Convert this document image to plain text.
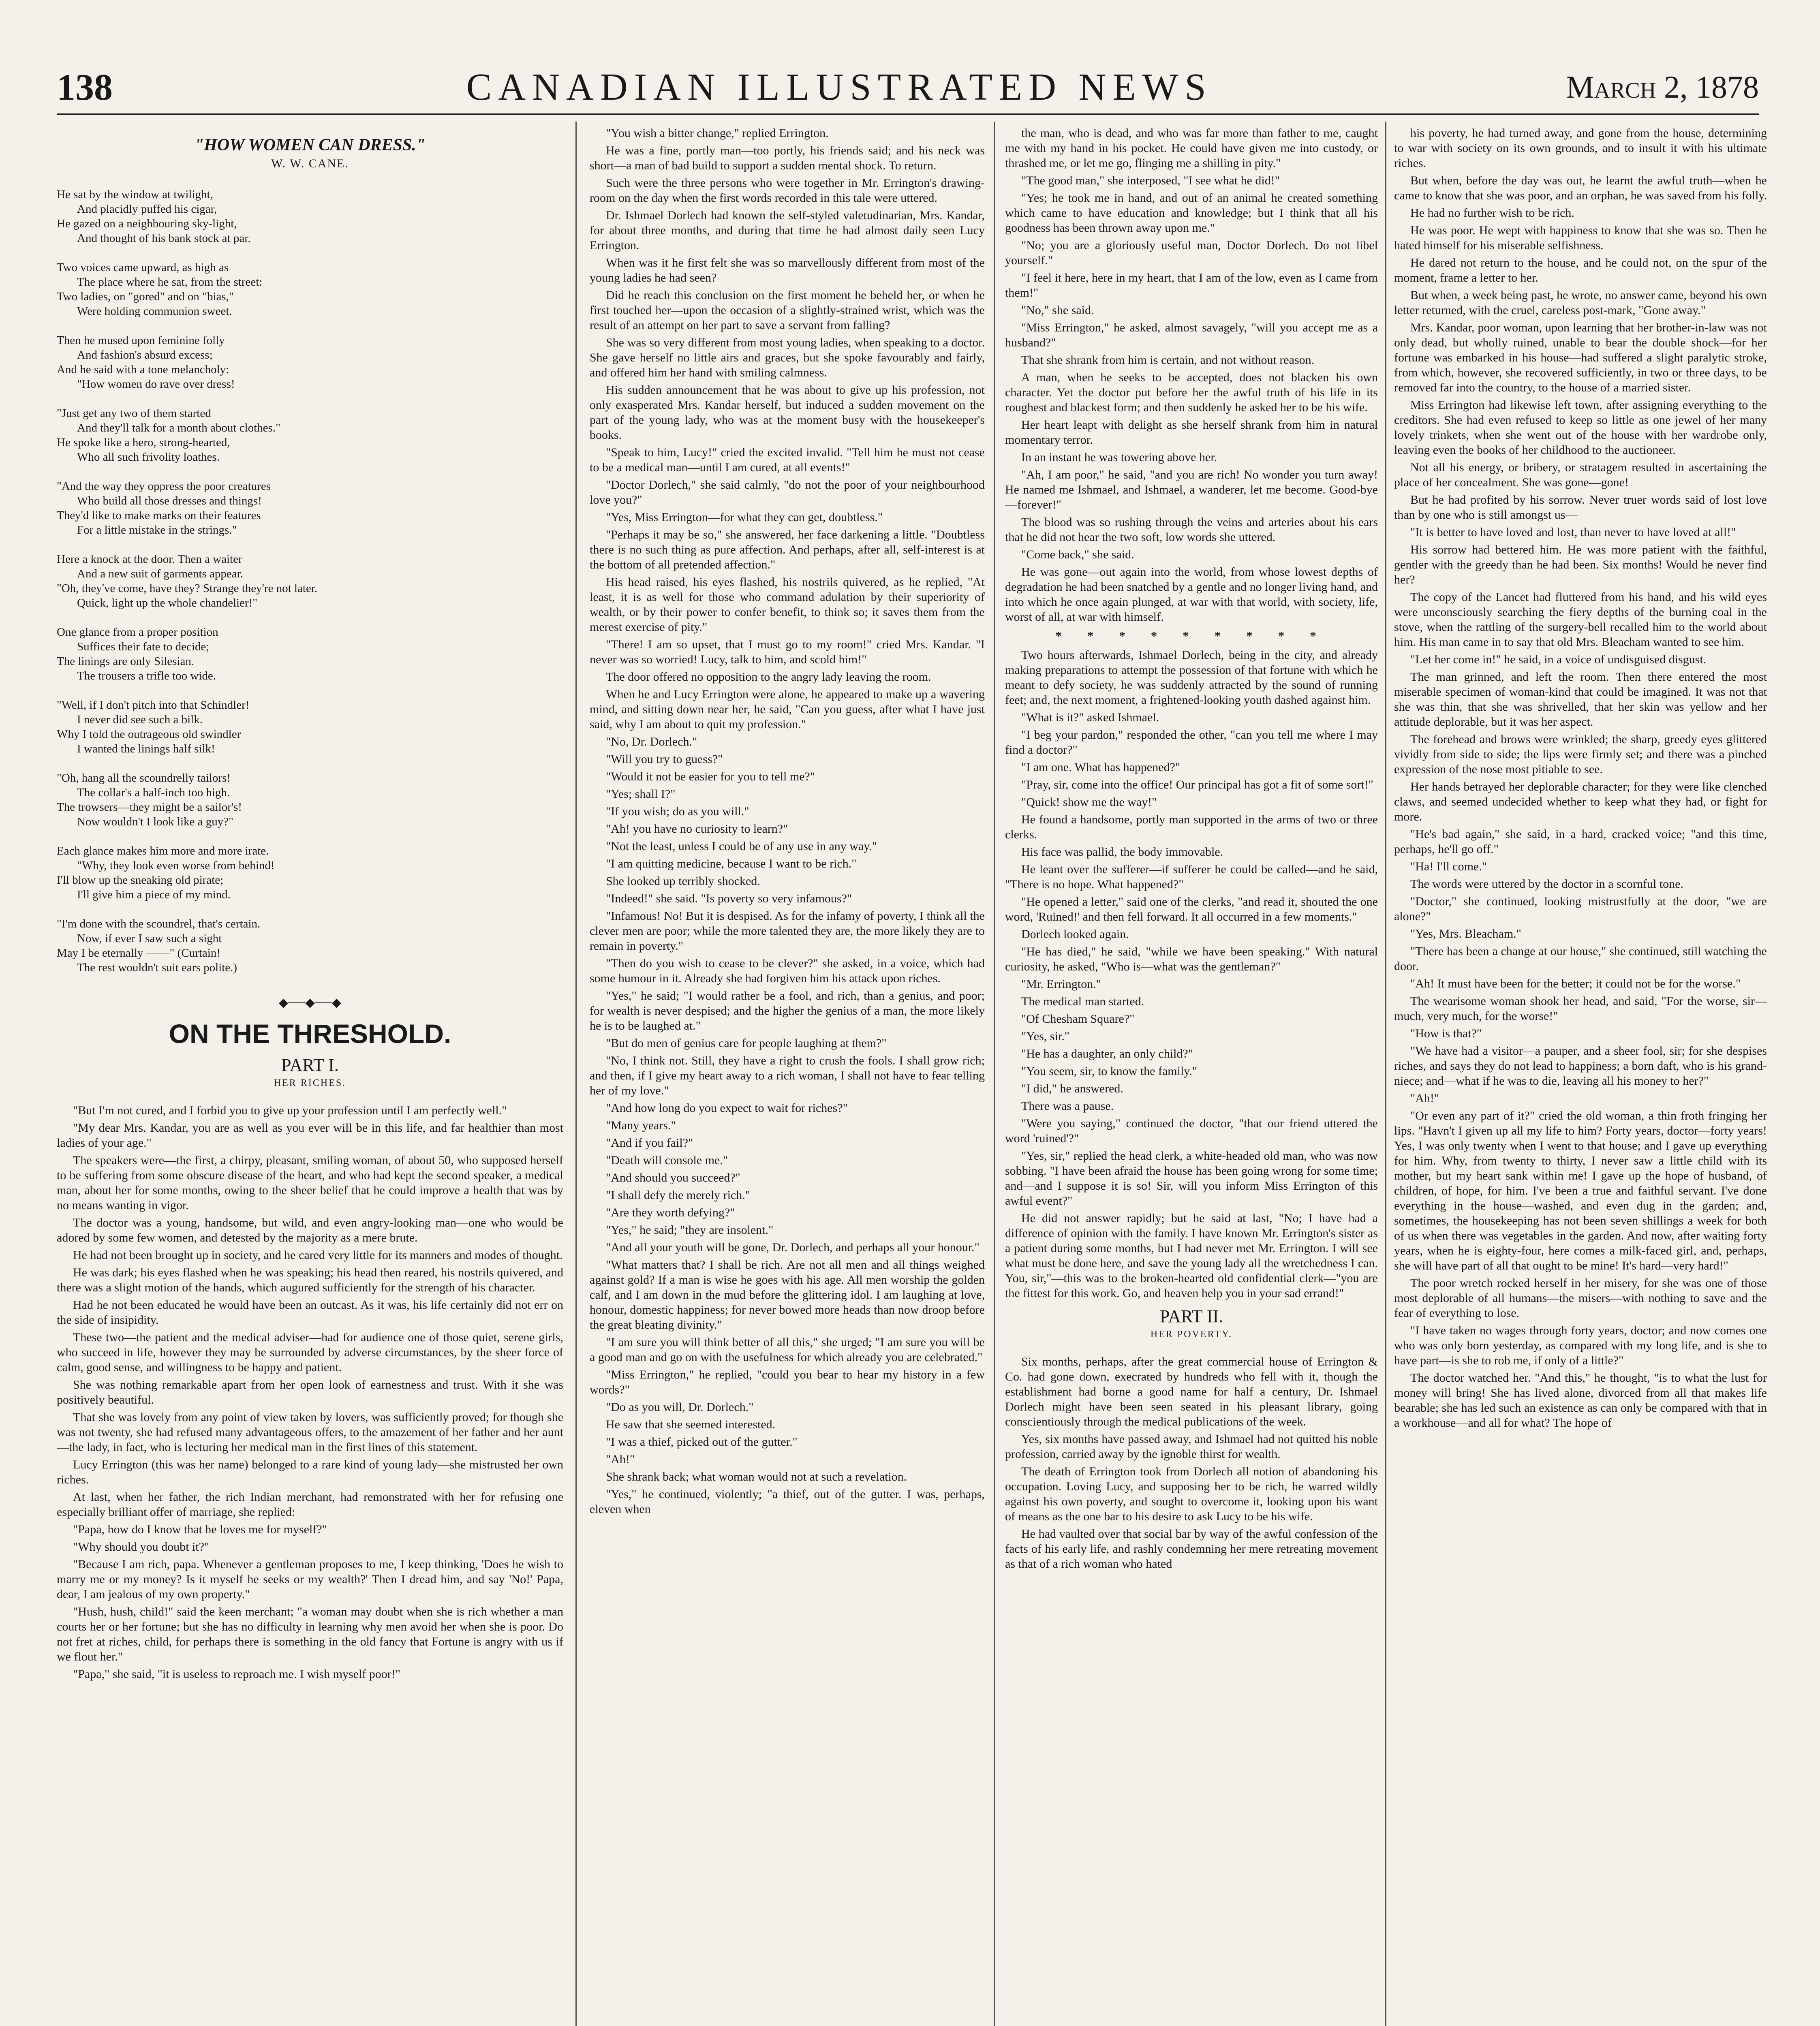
138	CANADIAN ILLUSTRATED NEWS	March 2, 1878
"HOW WOMEN CAN DRESS."
W. W. CANE.
He sat by the window at twilight,
And placidly puffed his cigar,
He gazed on a neighbouring sky-light,
And thought of his bank stock at par.
Two voices came upward, as high as
The place where he sat, from the street:
Two ladies, on "gored" and on "bias,"
Were holding communion sweet.
Then he mused upon feminine folly
And fashion's absurd excess;
And he said with a tone melancholy:
"How women do rave over dress!
"Just get any two of them started
And they'll talk for a month about clothes."
He spoke like a hero, strong-hearted,
Who all such frivolity loathes.
"And the way they oppress the poor creatures
Who build all those dresses and things!
They'd like to make marks on their features
For a little mistake in the strings."
Here a knock at the door. Then a waiter
And a new suit of garments appear.
"Oh, they've come, have they? Strange they're not later.
Quick, light up the whole chandelier!"
One glance from a proper position
Suffices their fate to decide;
The linings are only Silesian.
The trousers a trifle too wide.
"Well, if I don't pitch into that Schindler!
I never did see such a bilk.
Why I told the outrageous old swindler
I wanted the linings half silk!
"Oh, hang all the scoundrelly tailors!
The collar's a half-inch too high.
The trowsers—they might be a sailor's!
Now wouldn't I look like a guy?"
Each glance makes him more and more irate.
"Why, they look even worse from behind!
I'll blow up the sneaking old pirate;
I'll give him a piece of my mind.
"I'm done with the scoundrel, that's certain.
Now, if ever I saw such a sight
May I be eternally ——" (Curtain!
The rest wouldn't suit ears polite.)
◆──◆──◆
ON THE THRESHOLD.
PART I.
HER RICHES.

"But I'm not cured, and I forbid you to give up your profession until I am perfectly well."

"My dear Mrs. Kandar, you are as well as you ever will be in this life, and far healthier than most ladies of your age."

The speakers were—the first, a chirpy, pleasant, smiling woman, of about 50, who supposed herself to be suffering from some obscure disease of the heart, and who had kept the second speaker, a medical man, about her for some months, owing to the sheer belief that he could improve a health that was by no means wanting in vigor.

The doctor was a young, handsome, but wild, and even angry-looking man—one who would be adored by some few women, and detested by the majority as a mere brute.

He had not been brought up in society, and he cared very little for its manners and modes of thought.

He was dark; his eyes flashed when he was speaking; his head then reared, his nostrils quivered, and there was a slight motion of the hands, which augured sufficiently for the strength of his character.

Had he not been educated he would have been an outcast. As it was, his life certainly did not err on the side of insipidity.

These two—the patient and the medical adviser—had for audience one of those quiet, serene girls, who succeed in life, however they may be surrounded by adverse circumstances, by the sheer force of calm, good sense, and willingness to be happy and patient.

She was nothing remarkable apart from her open look of earnestness and trust. With it she was positively beautiful.

That she was lovely from any point of view taken by lovers, was sufficiently proved; for though she was not twenty, she had refused many advantageous offers, to the amazement of her father and her aunt—the lady, in fact, who is lecturing her medical man in the first lines of this statement.

Lucy Errington (this was her name) belonged to a rare kind of young lady—she mistrusted her own riches.

At last, when her father, the rich Indian merchant, had remonstrated with her for refusing one especially brilliant offer of marriage, she replied:

"Papa, how do I know that he loves me for myself?"

"Why should you doubt it?"

"Because I am rich, papa. Whenever a gentleman proposes to me, I keep thinking, 'Does he wish to marry me or my money? Is it myself he seeks or my wealth?' Then I dread him, and say 'No!' Papa, dear, I am jealous of my own property."

"Hush, hush, child!" said the keen merchant; "a woman may doubt when she is rich whether a man courts her or her fortune; but she has no difficulty in learning why men avoid her when she is poor. Do not fret at riches, child, for perhaps there is something in the old fancy that Fortune is angry with us if we flout her."

"Papa," she said, "it is useless to reproach me. I wish myself poor!"

"You wish a bitter change," replied Errington.

He was a fine, portly man—too portly, his friends said; and his neck was short—a man of bad build to support a sudden mental shock. To return.

Such were the three persons who were together in Mr. Errington's drawing-room on the day when the first words recorded in this tale were uttered.

Dr. Ishmael Dorlech had known the self-styled valetudinarian, Mrs. Kandar, for about three months, and during that time he had almost daily seen Lucy Errington.

When was it he first felt she was so marvellously different from most of the young ladies he had seen?

Did he reach this conclusion on the first moment he beheld her, or when he first touched her—upon the occasion of a slightly-strained wrist, which was the result of an attempt on her part to save a servant from falling?

She was so very different from most young ladies, when speaking to a doctor. She gave herself no little airs and graces, but she spoke favourably and fairly, and offered him her hand with smiling calmness.

His sudden announcement that he was about to give up his profession, not only exasperated Mrs. Kandar herself, but induced a sudden movement on the part of the young lady, who was at the moment busy with the housekeeper's books.

"Speak to him, Lucy!" cried the excited invalid. "Tell him he must not cease to be a medical man—until I am cured, at all events!"

"Doctor Dorlech," she said calmly, "do not the poor of your neighbourhood love you?"

"Yes, Miss Errington—for what they can get, doubtless."

"Perhaps it may be so," she answered, her face darkening a little. "Doubtless there is no such thing as pure affection. And perhaps, after all, self-interest is at the bottom of all pretended affection."

His head raised, his eyes flashed, his nostrils quivered, as he replied, "At least, it is as well for those who command adulation by their superiority of wealth, or by their power to confer benefit, to think so; it saves them from the merest exercise of pity."

"There! I am so upset, that I must go to my room!" cried Mrs. Kandar. "I never was so worried! Lucy, talk to him, and scold him!"

The door offered no opposition to the angry lady leaving the room.

When he and Lucy Errington were alone, he appeared to make up a wavering mind, and sitting down near her, he said, "Can you guess, after what I have just said, why I am about to quit my profession."

"No, Dr. Dorlech."

"Will you try to guess?"

"Would it not be easier for you to tell me?"

"Yes; shall I?"

"If you wish; do as you will."

"Ah! you have no curiosity to learn?"

"Not the least, unless I could be of any use in any way."

"I am quitting medicine, because I want to be rich."

She looked up terribly shocked.

"Indeed!" she said. "Is poverty so very infamous?"

"Infamous! No! But it is despised. As for the infamy of poverty, I think all the clever men are poor; while the more talented they are, the more likely they are to remain in poverty."

"Then do you wish to cease to be clever?" she asked, in a voice, which had some humour in it. Already she had forgiven him his attack upon riches.

"Yes," he said; "I would rather be a fool, and rich, than a genius, and poor; for wealth is never despised; and the higher the genius of a man, the more likely he is to be laughed at."

"But do men of genius care for people laughing at them?"

"No, I think not. Still, they have a right to crush the fools. I shall grow rich; and then, if I give my heart away to a rich woman, I shall not have to fear telling her of my love."

"And how long do you expect to wait for riches?"

"Many years."

"And if you fail?"

"Death will console me."

"And should you succeed?"

"I shall defy the merely rich."

"Are they worth defying?"

"Yes," he said; "they are insolent."

"And all your youth will be gone, Dr. Dorlech, and perhaps all your honour."

"What matters that? I shall be rich. Are not all men and all things weighed against gold? If a man is wise he goes with his age. All men worship the golden calf, and I am down in the mud before the glittering idol. I am laughing at love, honour, domestic happiness; for never bowed more heads than now droop before the great bleating divinity."

"I am sure you will think better of all this," she urged; "I am sure you will be a good man and go on with the usefulness for which already you are celebrated."

"Miss Errington," he replied, "could you bear to hear my history in a few words?"

"Do as you will, Dr. Dorlech."

He saw that she seemed interested.

"I was a thief, picked out of the gutter."

"Ah!"

She shrank back; what woman would not at such a revelation.

"Yes," he continued, violently; "a thief, out of the gutter. I was, perhaps, eleven when

the man, who is dead, and who was far more than father to me, caught me with my hand in his pocket. He could have given me into custody, or thrashed me, or let me go, flinging me a shilling in pity."

"The good man," she interposed, "I see what he did!"

"Yes; he took me in hand, and out of an animal he created something which came to have education and knowledge; but I think that all his goodness has been thrown away upon me."

"No; you are a gloriously useful man, Doctor Dorlech. Do not libel yourself."

"I feel it here, here in my heart, that I am of the low, even as I came from them!"

"No," she said.

"Miss Errington," he asked, almost savagely, "will you accept me as a husband?"

That she shrank from him is certain, and not without reason.

A man, when he seeks to be accepted, does not blacken his own character. Yet the doctor put before her the awful truth of his life in its roughest and blackest form; and then suddenly he asked her to be his wife.

Her heart leapt with delight as she herself shrank from him in natural momentary terror.

In an instant he was towering above her.

"Ah, I am poor," he said, "and you are rich! No wonder you turn away! He named me Ishmael, and Ishmael, a wanderer, let me become. Good-bye—forever!"

The blood was so rushing through the veins and arteries about his ears that he did not hear the two soft, low words she uttered.

"Come back," she said.

He was gone—out again into the world, from whose lowest depths of degradation he had been snatched by a gentle and no longer living hand, and into which he once again plunged, at war with that world, with society, life, worst of all, at war with himself.

* * * * * * * * *

Two hours afterwards, Ishmael Dorlech, being in the city, and already making preparations to attempt the possession of that fortune with which he meant to defy society, he was suddenly attracted by the sound of running feet; and, the next moment, a frightened-looking youth dashed against him.

"What is it?" asked Ishmael.

"I beg your pardon," responded the other, "can you tell me where I may find a doctor?"

"I am one. What has happened?"

"Pray, sir, come into the office! Our principal has got a fit of some sort!"

"Quick! show me the way!"

He found a handsome, portly man supported in the arms of two or three clerks.

His face was pallid, the body immovable.

He leant over the sufferer—if sufferer he could be called—and he said, "There is no hope. What happened?"

"He opened a letter," said one of the clerks, "and read it, shouted the one word, 'Ruined!' and then fell forward. It all occurred in a few moments."

Dorlech looked again.

"He has died," he said, "while we have been speaking." With natural curiosity, he asked, "Who is—what was the gentleman?"

"Mr. Errington."

The medical man started.

"Of Chesham Square?"

"Yes, sir."

"He has a daughter, an only child?"

"You seem, sir, to know the family."

"I did," he answered.

There was a pause.

"Were you saying," continued the doctor, "that our friend uttered the word 'ruined'?"

"Yes, sir," replied the head clerk, a white-headed old man, who was now sobbing. "I have been afraid the house has been going wrong for some time; and—and I suppose it is so! Sir, will you inform Miss Errington of this awful event?"

He did not answer rapidly; but he said at last, "No; I have had a difference of opinion with the family. I have known Mr. Errington's sister as a patient during some months, but I had never met Mr. Errington. I will see what must be done here, and save the young lady all the wretchedness I can. You, sir,"—this was to the broken-hearted old confidential clerk—"you are the fittest for this work. Go, and heaven help you in your sad errand!"

PART II.
HER POVERTY.

Six months, perhaps, after the great commercial house of Errington & Co. had gone down, execrated by hundreds who fell with it, though the establishment had borne a good name for half a century, Dr. Ishmael Dorlech might have been seen seated in his pleasant library, going conscientiously through the medical publications of the week.

Yes, six months have passed away, and Ishmael had not quitted his noble profession, carried away by the ignoble thirst for wealth.

The death of Errington took from Dorlech all notion of abandoning his occupation. Loving Lucy, and supposing her to be rich, he warred wildly against his own poverty, and sought to overcome it, looking upon his want of means as the one bar to his desire to ask Lucy to be his wife.

He had vaulted over that social bar by way of the awful confession of the facts of his early life, and rashly condemning her mere retreating movement as that of a rich woman who hated

his poverty, he had turned away, and gone from the house, determining to war with society on its own grounds, and to insult it with his ultimate riches.

But when, before the day was out, he learnt the awful truth—when he came to know that she was poor, and an orphan, he was saved from his folly.

He had no further wish to be rich.

He was poor. He wept with happiness to know that she was so. Then he hated himself for his miserable selfishness.

He dared not return to the house, and he could not, on the spur of the moment, frame a letter to her.

But when, a week being past, he wrote, no answer came, beyond his own letter returned, with the cruel, careless post-mark, "Gone away."

Mrs. Kandar, poor woman, upon learning that her brother-in-law was not only dead, but wholly ruined, unable to bear the double shock—for her fortune was embarked in his house—had suffered a slight paralytic stroke, from which, however, she recovered sufficiently, in two or three days, to be removed far into the country, to the house of a married sister.

Miss Errington had likewise left town, after assigning everything to the creditors. She had even refused to keep so little as one jewel of her many lovely trinkets, when she went out of the house with her wardrobe only, leaving even the books of her childhood to the auctioneer.

Not all his energy, or bribery, or stratagem resulted in ascertaining the place of her concealment. She was gone—gone!

But he had profited by his sorrow. Never truer words said of lost love than by one who is still amongst us—

"It is better to have loved and lost, than never to have loved at all!"

His sorrow had bettered him. He was more patient with the faithful, gentler with the greedy than he had been. Six months! Would he never find her?

The copy of the Lancet had fluttered from his hand, and his wild eyes were unconsciously searching the fiery depths of the burning coal in the stove, when the rattling of the surgery-bell recalled him to the world about him. His man came in to say that old Mrs. Bleacham wanted to see him.

"Let her come in!" he said, in a voice of undisguised disgust.

The man grinned, and left the room. Then there entered the most miserable specimen of woman-kind that could be imagined. It was not that she was thin, that she was shrivelled, that her skin was yellow and her attitude deplorable, but it was her aspect.

The forehead and brows were wrinkled; the sharp, greedy eyes glittered vividly from side to side; the lips were firmly set; and there was a pinched expression of the nose most pitiable to see.

Her hands betrayed her deplorable character; for they were like clenched claws, and seemed undecided whether to keep what they had, or fight for more.

"He's bad again," she said, in a hard, cracked voice; "and this time, perhaps, he'll go off."

"Ha! I'll come."

The words were uttered by the doctor in a scornful tone.

"Doctor," she continued, looking mistrustfully at the door, "we are alone?"

"Yes, Mrs. Bleacham."

"There has been a change at our house," she continued, still watching the door.

"Ah! It must have been for the better; it could not be for the worse."

The wearisome woman shook her head, and said, "For the worse, sir—much, very much, for the worse!"

"How is that?"

"We have had a visitor—a pauper, and a sheer fool, sir; for she despises riches, and says they do not lead to happiness; a born daft, who is his grand-niece; and—what if he was to die, leaving all his money to her?"

"Ah!"

"Or even any part of it?" cried the old woman, a thin froth fringing her lips. "Havn't I given up all my life to him? Forty years, doctor—forty years! Yes, I was only twenty when I went to that house; and I gave up everything for him. Why, from twenty to thirty, I never saw a little child with its mother, but my heart sank within me! I gave up the hope of husband, of children, of hope, for him. I've been a true and faithful servant. I've done everything in the house—washed, and even dug in the garden; and, sometimes, the housekeeping has not been seven shillings a week for both of us when there was vegetables in the garden. And now, after waiting forty years, when he is eighty-four, here comes a milk-faced girl, and, perhaps, she will have part of all that ought to be mine! It's hard—very hard!"

The poor wretch rocked herself in her misery, for she was one of those most deplorable of all humans—the misers—with nothing to save and the fear of everything to lose.

"I have taken no wages through forty years, doctor; and now comes one who was only born yesterday, as compared with my long life, and is she to have part—is she to rob me, if only of a little?"

The doctor watched her. "And this," he thought, "is to what the lust for money will bring! She has lived alone, divorced from all that makes life bearable; she has led such an existence as can only be compared with that in a workhouse—and all for what? The hope of
